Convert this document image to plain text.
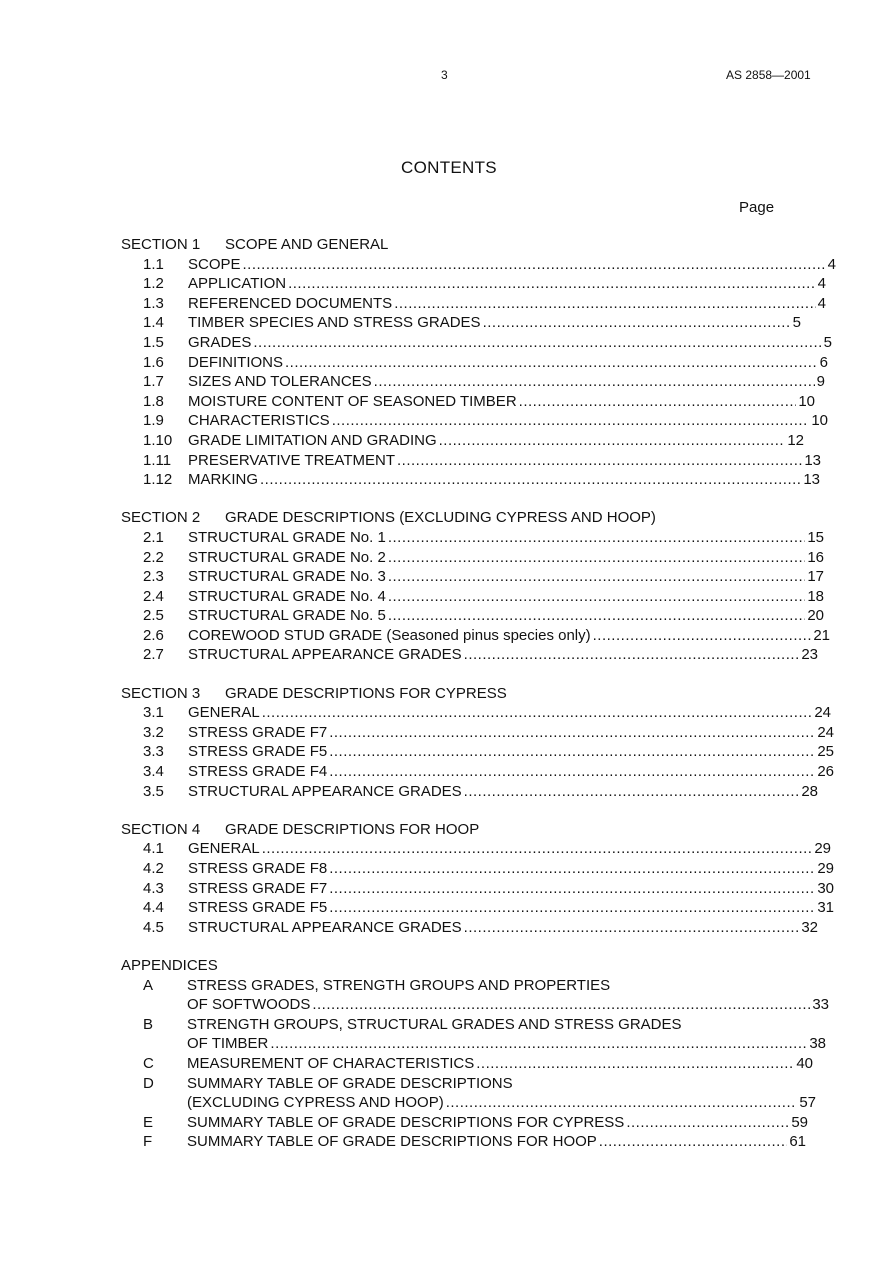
3	AS 2858—2001
CONTENTS
Page
SECTION 1 SCOPE AND GENERAL
1.1 SCOPE .....	4
1.2 APPLICATION .....	4
1.3 REFERENCED DOCUMENTS .....	4
1.4 TIMBER SPECIES AND STRESS GRADES .....	5
1.5 GRADES .....	5
1.6 DEFINITIONS .....	6
1.7 SIZES AND TOLERANCES .....	9
1.8 MOISTURE CONTENT OF SEASONED TIMBER .....	10
1.9 CHARACTERISTICS .....	10
1.10 GRADE LIMITATION AND GRADING .....	12
1.11 PRESERVATIVE TREATMENT .....	13
1.12 MARKING .....	13
SECTION 2 GRADE DESCRIPTIONS (EXCLUDING CYPRESS AND HOOP)
2.1 STRUCTURAL GRADE No. 1 .....	15
2.2 STRUCTURAL GRADE No. 2 .....	16
2.3 STRUCTURAL GRADE No. 3 .....	17
2.4 STRUCTURAL GRADE No. 4 .....	18
2.5 STRUCTURAL GRADE No. 5 .....	20
2.6 COREWOOD STUD GRADE (Seasoned pinus species only) .....	21
2.7 STRUCTURAL APPEARANCE GRADES .....	23
SECTION 3 GRADE DESCRIPTIONS FOR CYPRESS
3.1 GENERAL .....	24
3.2 STRESS GRADE F7 .....	24
3.3 STRESS GRADE F5 .....	25
3.4 STRESS GRADE F4 .....	26
3.5 STRUCTURAL APPEARANCE GRADES .....	28
SECTION 4 GRADE DESCRIPTIONS FOR HOOP
4.1 GENERAL .....	29
4.2 STRESS GRADE F8 .....	29
4.3 STRESS GRADE F7 .....	30
4.4 STRESS GRADE F5 .....	31
4.5 STRUCTURAL APPEARANCE GRADES .....	32
APPENDICES
A STRESS GRADES, STRENGTH GROUPS AND PROPERTIES
OF SOFTWOODS .....	33
B STRENGTH GROUPS, STRUCTURAL GRADES AND STRESS GRADES
OF TIMBER .....	38
C MEASUREMENT OF CHARACTERISTICS .....	40
D SUMMARY TABLE OF GRADE DESCRIPTIONS
(EXCLUDING CYPRESS AND HOOP) .....	57
E SUMMARY TABLE OF GRADE DESCRIPTIONS FOR CYPRESS .....	59
F SUMMARY TABLE OF GRADE DESCRIPTIONS FOR HOOP .....	61
